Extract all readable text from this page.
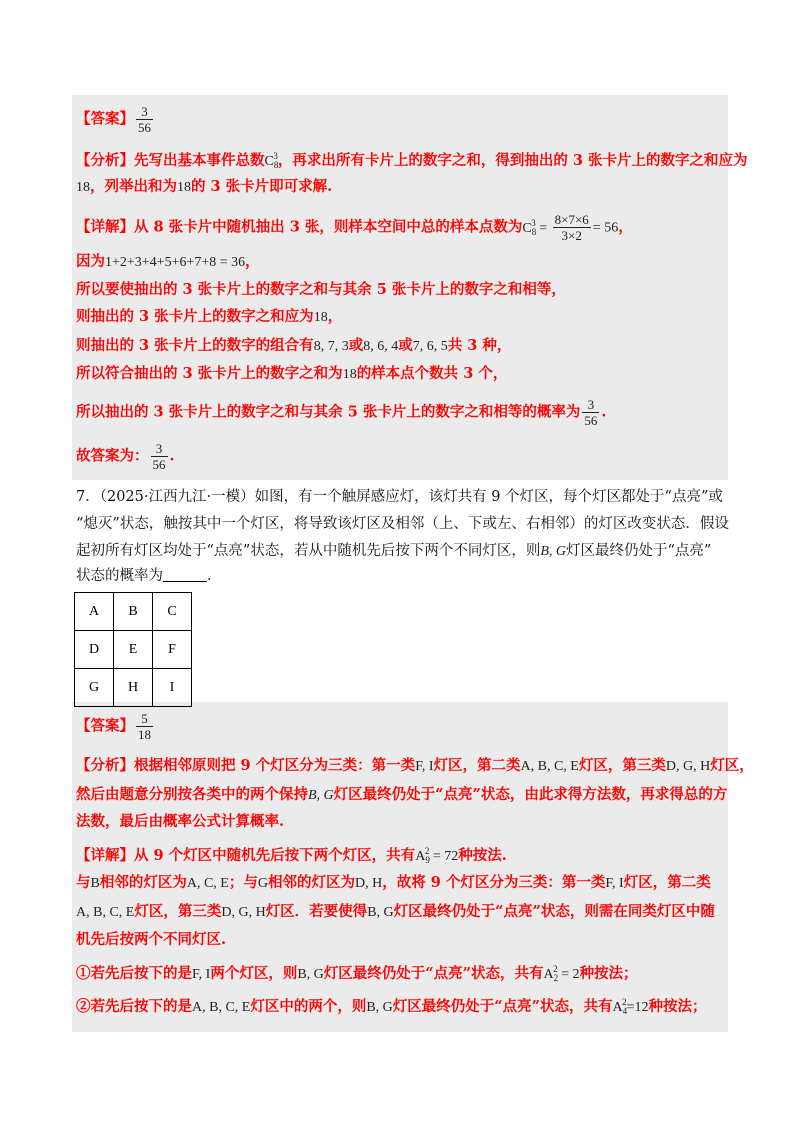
【答案】 $\frac{3}{56}$
【分析】先写出基本事件总数$C_8^3$，再求出所有卡片上的数字之和，得到抽出的 3 张卡片上的数字之和应为
18，列举出和为18的 3 张卡片即可求解.
【详解】从 8 张卡片中随机抽出 3 张，则样本空间中总的样本点数为$C_8^3 = \frac{8\times 7\times 6}{3\times 2} = 56$，
因为1+2+3+4+5+6+7+8 = 36，
所以要使抽出的 3 张卡片上的数字之和与其余 5 张卡片上的数字之和相等，
则抽出的 3 张卡片上的数字之和应为18，
则抽出的 3 张卡片上的数字的组合有8, 7, 3或8, 6, 4或7, 6, 5共 3 种，
所以符合抽出的 3 张卡片上的数字之和为18的样本点个数共 3 个，
所以抽出的 3 张卡片上的数字之和与其余 5 张卡片上的数字之和相等的概率为 $\frac{3}{56}$ .
故答案为： $\frac{3}{56}$ .
7．（2025·江西九江·一模）如图，有一个触屏感应灯，该灯共有 9 个灯区，每个灯区都处于“点亮”或
“熄灭”状态，触按其中一个灯区，将导致该灯区及相邻（上、下或左、右相邻）的灯区改变状态．假设
起初所有灯区均处于“点亮”状态，若从中随机先后按下两个不同灯区，则B, G灯区最终仍处于“点亮”
状态的概率为	．
A	B	C
D	E	F
G	H	I
【答案】 $\frac{5}{18}$
【分析】根据相邻原则把 9 个灯区分为三类：第一类F, I灯区，第二类A, B, C, E灯区，第三类D, G, H灯区，
然后由题意分别按各类中的两个保持B, G灯区最终仍处于“点亮”状态，由此求得方法数，再求得总的方
法数，最后由概率公式计算概率.
【详解】从 9 个灯区中随机先后按下两个灯区，共有$A_9^2 = 72$种按法.
与B相邻的灯区为A, C, E；与G相邻的灯区为D, H，故将 9 个灯区分为三类：第一类F, I灯区，第二类
A, B, C, E灯区，第三类D, G, H灯区．若要使得B, G灯区最终仍处于“点亮”状态，则需在同类灯区中随
机先后按两个不同灯区.
①若先后按下的是F, I两个灯区，则B, G灯区最终仍处于“点亮”状态，共有$A_2^2 = 2$种按法；
②若先后按下的是A, B, C, E灯区中的两个，则B, G灯区最终仍处于“点亮”状态，共有$A_4^2=12$种按法；
